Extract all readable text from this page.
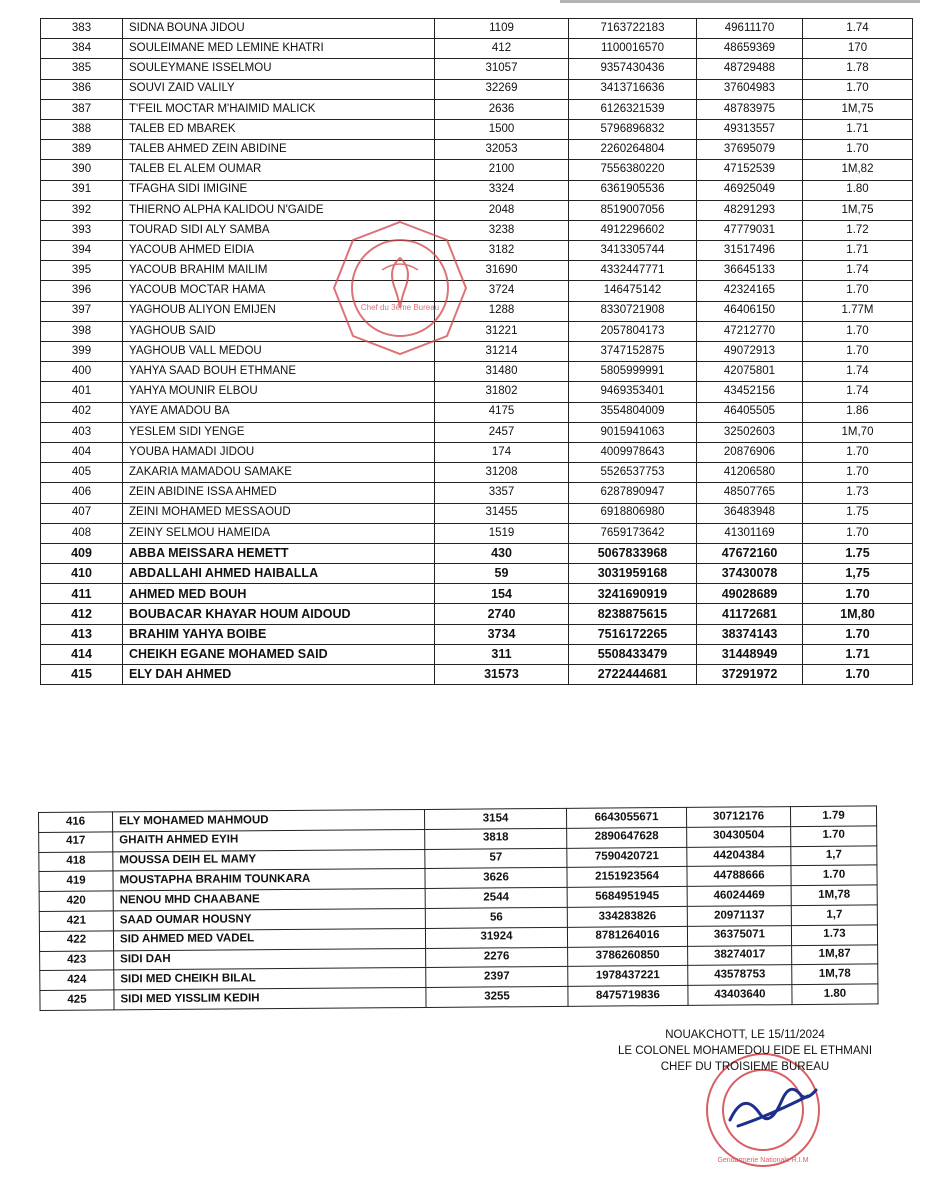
383	SIDNA BOUNA JIDOU	1109	7163722183	49611170	1.74
384	SOULEIMANE MED LEMINE KHATRI	412	1100016570	48659369	170
385	SOULEYMANE ISSELMOU	31057	9357430436	48729488	1.78
386	SOUVI ZAID VALILY	32269	3413716636	37604983	1.70
387	T'FEIL MOCTAR M'HAIMID MALICK	2636	6126321539	48783975	1M,75
388	TALEB ED MBAREK	1500	5796896832	49313557	1.71
389	TALEB AHMED ZEIN ABIDINE	32053	2260264804	37695079	1.70
390	TALEB EL ALEM OUMAR	2100	7556380220	47152539	1M,82
391	TFAGHA SIDI IMIGINE	3324	6361905536	46925049	1.80
392	THIERNO ALPHA KALIDOU N'GAIDE	2048	8519007056	48291293	1M,75
393	TOURAD SIDI ALY SAMBA	3238	4912296602	47779031	1.72
394	YACOUB AHMED EIDIA	3182	3413305744	31517496	1.71
395	YACOUB BRAHIM MAILIM	31690	4332447771	36645133	1.74
396	YACOUB MOCTAR HAMA	3724	146475142	42324165	1.70
397	YAGHOUB ALIYON EMIJEN	1288	8330721908	46406150	1.77M
398	YAGHOUB SAID	31221	2057804173	47212770	1.70
399	YAGHOUB VALL MEDOU	31214	3747152875	49072913	1.70
400	YAHYA SAAD BOUH ETHMANE	31480	5805999991	42075801	1.74
401	YAHYA MOUNIR ELBOU	31802	9469353401	43452156	1.74
402	YAYE AMADOU BA	4175	3554804009	46405505	1.86
403	YESLEM SIDI YENGE	2457	9015941063	32502603	1M,70
404	YOUBA HAMADI JIDOU	174	4009978643	20876906	1.70
405	ZAKARIA MAMADOU SAMAKE	31208	5526537753	41206580	1.70
406	ZEIN ABIDINE ISSA AHMED	3357	6287890947	48507765	1.73
407	ZEINI MOHAMED MESSAOUD	31455	6918806980	36483948	1.75
408	ZEINY SELMOU HAMEIDA	1519	7659173642	41301169	1.70
409	ABBA MEISSARA HEMETT	430	5067833968	47672160	1.75
410	ABDALLAHI AHMED HAIBALLA	59	3031959168	37430078	1,75
411	AHMED MED BOUH	154	3241690919	49028689	1.70
412	BOUBACAR KHAYAR HOUM AIDOUD	2740	8238875615	41172681	1M,80
413	BRAHIM YAHYA BOIBE	3734	7516172265	38374143	1.70
414	CHEIKH EGANE MOHAMED SAID	311	5508433479	31448949	1.71
415	ELY DAH AHMED	31573	2722444681	37291972	1.70
416	ELY MOHAMED MAHMOUD	3154	6643055671	30712176	1.79
417	GHAITH AHMED EYIH	3818	2890647628	30430504	1.70
418	MOUSSA DEIH EL MAMY	57	7590420721	44204384	1,7
419	MOUSTAPHA BRAHIM TOUNKARA	3626	2151923564	44788666	1.70
420	NENOU MHD CHAABANE	2544	5684951945	46024469	1M,78
421	SAAD OUMAR HOUSNY	56	334283826	20971137	1,7
422	SID AHMED MED VADEL	31924	8781264016	36375071	1.73
423	SIDI DAH	2276	3786260850	38274017	1M,87
424	SIDI MED CHEIKH BILAL	2397	1978437221	43578753	1M,78
425	SIDI MED YISSLIM KEDIH	3255	8475719836	43403640	1.80

Chef du 3ème Bureau
Gendarmerie Nationale R.I.M
NOUAKCHOTT, LE 15/11/2024
LE COLONEL MOHAMEDOU EIDE EL ETHMANI
CHEF DU TROISIEME BUREAU
